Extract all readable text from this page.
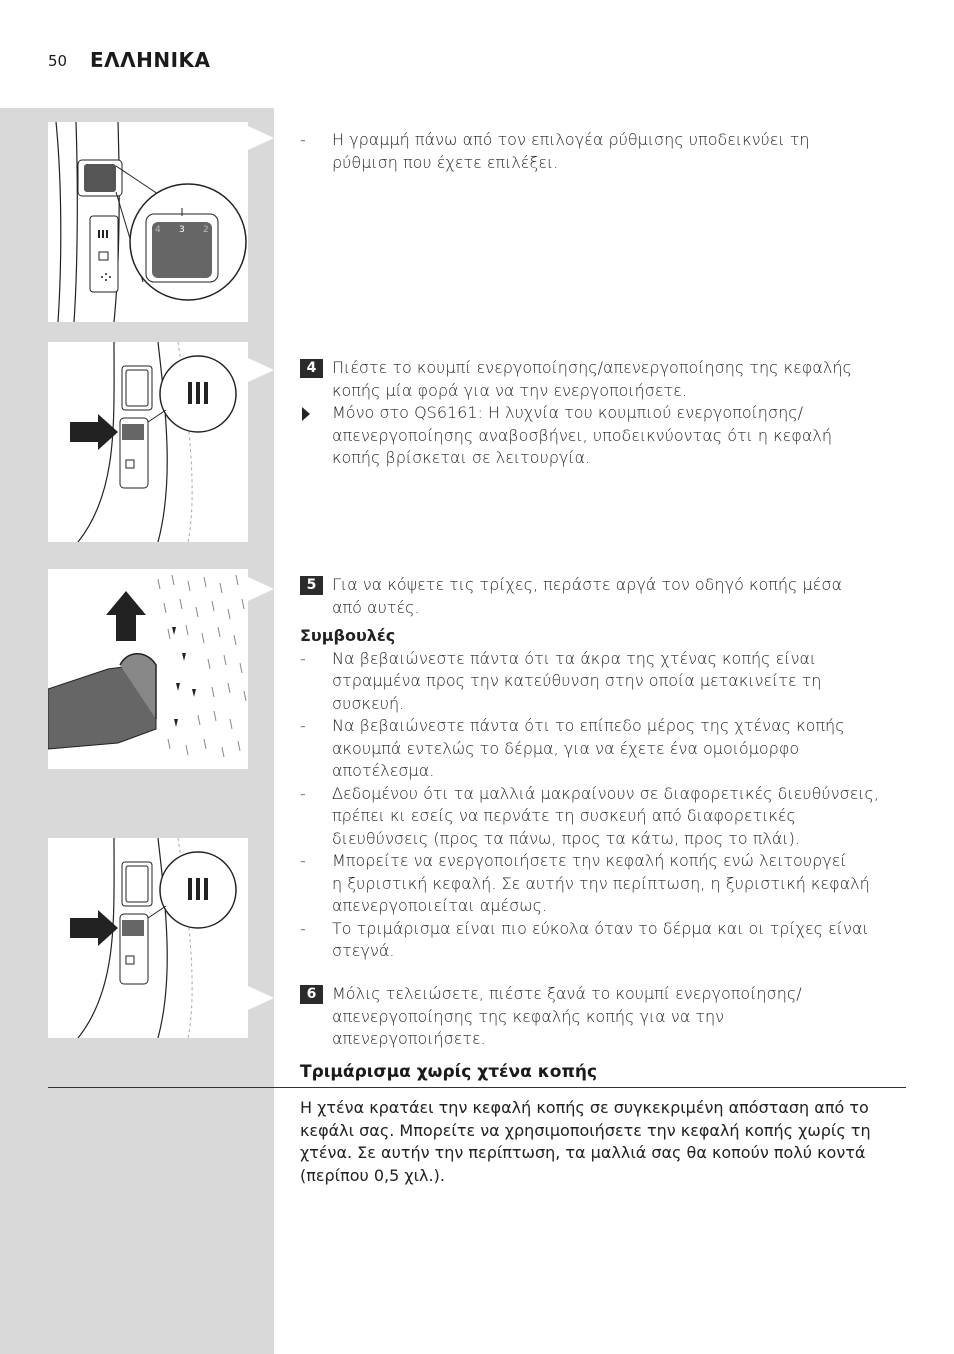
50 ΕΛΛΗΝΙΚΑ
4 3 2
- Η γραμμή πάνω από τον επιλογέα ρύθμισης υποδεικνύει τη
ρύθμιση που έχετε επιλέξει.
4 Πιέστε το κουμπί ενεργοποίησης/απενεργοποίησης της κεφαλής
κοπής μία φορά για να την ενεργοποιήσετε.
Μόνο στο QS6161: Η λυχνία του κουμπιού ενεργοποίησης/
απενεργοποίησης αναβοσβήνει, υποδεικνύοντας ότι η κεφαλή
κοπής βρίσκεται σε λειτουργία.
5 Για να κόψετε τις τρίχες, περάστε αργά τον οδηγό κοπής μέσα
από αυτές.
Συμβουλές
- Να βεβαιώνεστε πάντα ότι τα άκρα της χτένας κοπής είναι
στραμμένα προς την κατεύθυνση στην οποία μετακινείτε τη
συσκευή.
- Να βεβαιώνεστε πάντα ότι το επίπεδο μέρος της χτένας κοπής
ακουμπά εντελώς το δέρμα, για να έχετε ένα ομοιόμορφο
αποτέλεσμα.
- Δεδομένου ότι τα μαλλιά μακραίνουν σε διαφορετικές διευθύνσεις,
πρέπει κι εσείς να περνάτε τη συσκευή από διαφορετικές
διευθύνσεις (προς τα πάνω, προς τα κάτω, προς το πλάι).
- Μπορείτε να ενεργοποιήσετε την κεφαλή κοπής ενώ λειτουργεί
η ξυριστική κεφαλή. Σε αυτήν την περίπτωση, η ξυριστική κεφαλή
απενεργοποιείται αμέσως.
- Το τριμάρισμα είναι πιο εύκολα όταν το δέρμα και οι τρίχες είναι
στεγνά.
6 Μόλις τελειώσετε, πιέστε ξανά το κουμπί ενεργοποίησης/
απενεργοποίησης της κεφαλής κοπής για να την
απενεργοποιήσετε.
Τριμάρισμα χωρίς χτένα κοπής
Η χτένα κρατάει την κεφαλή κοπής σε συγκεκριμένη απόσταση από το
κεφάλι σας. Μπορείτε να χρησιμοποιήσετε την κεφαλή κοπής χωρίς τη
χτένα. Σε αυτήν την περίπτωση, τα μαλλιά σας θα κοπούν πολύ κοντά
(περίπου 0,5 χιλ.).
